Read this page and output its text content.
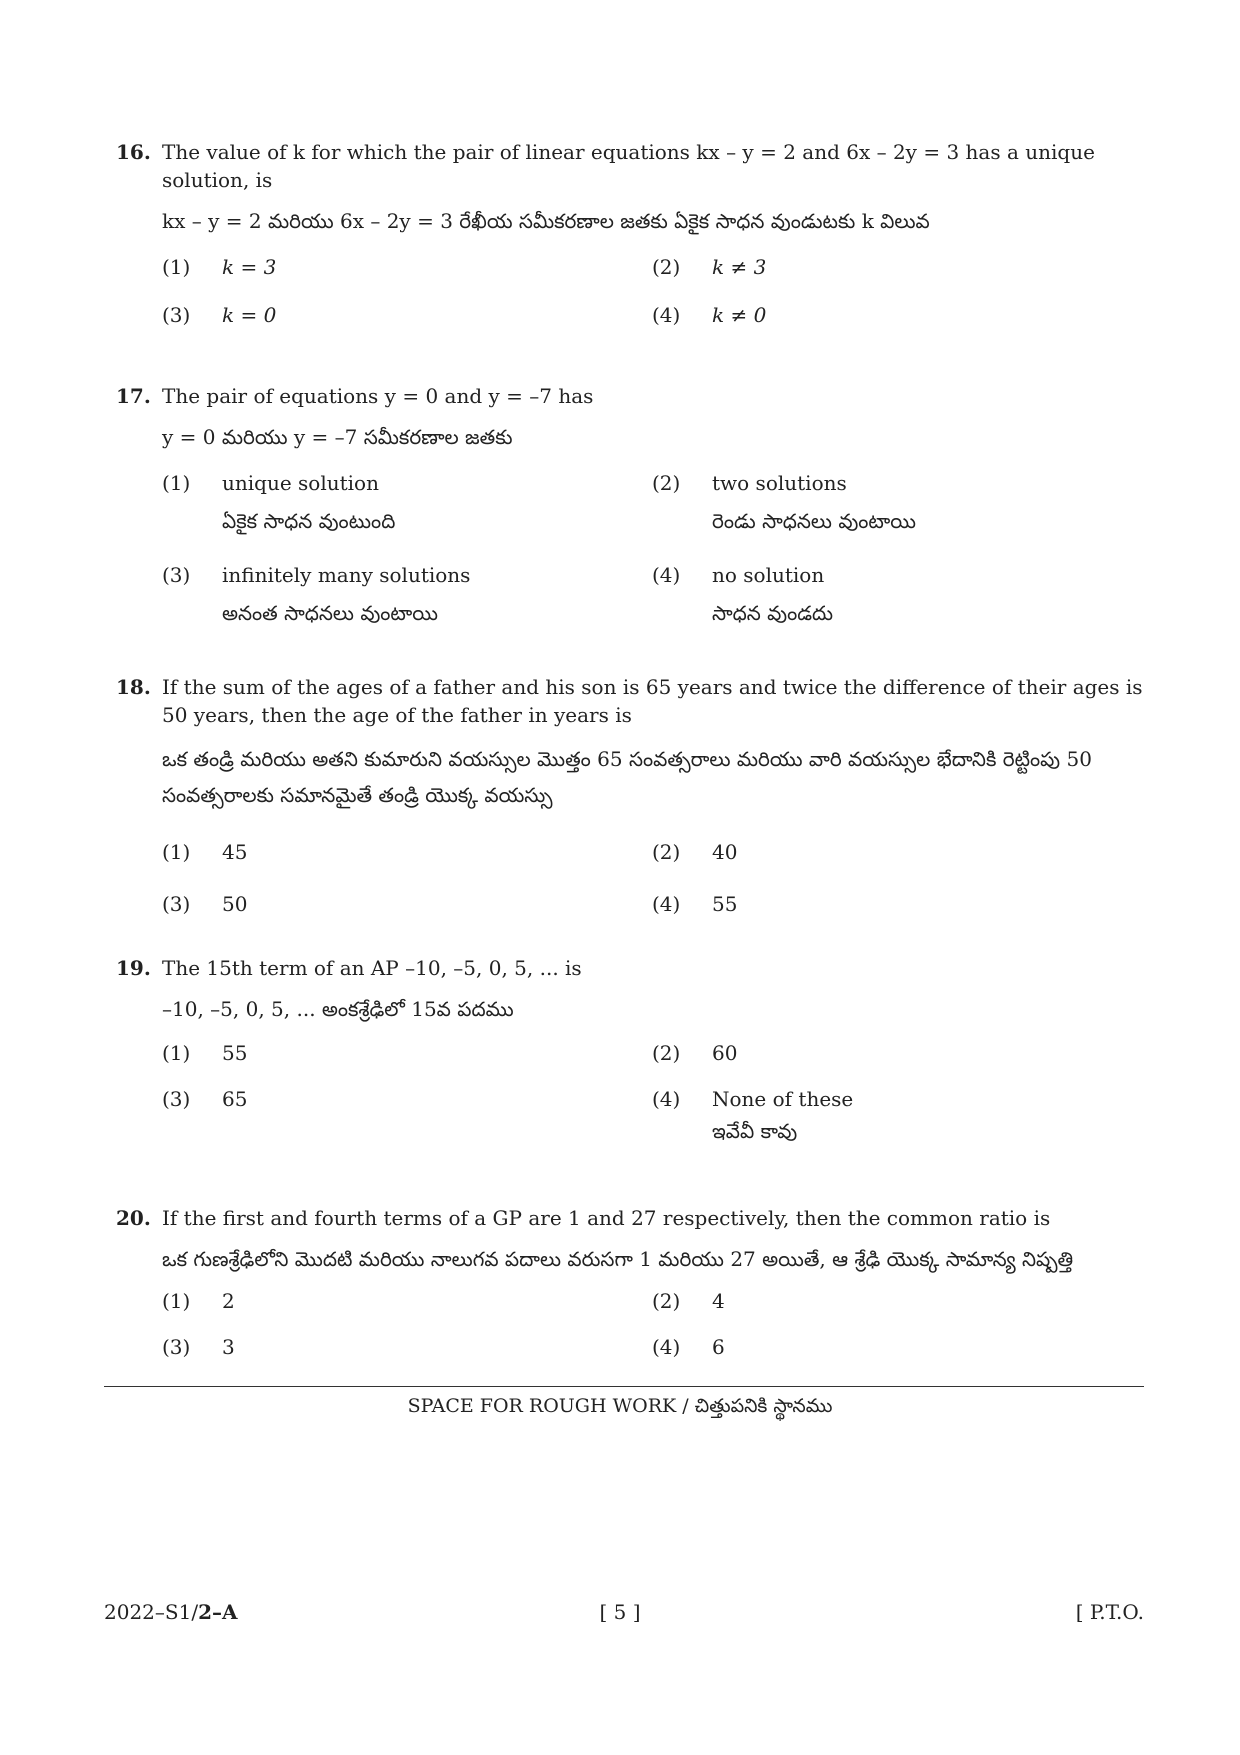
16. The value of k for which the pair of linear equations kx – y = 2 and 6x – 2y = 3 has a unique solution, is
kx – y = 2 మరియు 6x – 2y = 3 రేఖీయ సమీకరణాల జతకు ఏకైక సాధన వుండుటకు k విలువ
(1) k = 3	(2) k ≠ 3
(3) k = 0	(4) k ≠ 0
17. The pair of equations y = 0 and y = –7 has
y = 0 మరియు y = –7 సమీకరణాల జతకు
(1) unique solution
ఏకైక సాధన వుంటుంది
(2) two solutions
రెండు సాధనలు వుంటాయి
(3) infinitely many solutions
అనంత సాధనలు వుంటాయి
(4) no solution
సాధన వుండదు
18. If the sum of the ages of a father and his son is 65 years and twice the difference of their ages is 50 years, then the age of the father in years is
ఒక తండ్రి మరియు అతని కుమారుని వయస్సుల మొత్తం 65 సంవత్సరాలు మరియు వారి వయస్సుల భేదానికి రెట్టింపు 50 సంవత్సరాలకు సమానమైతే తండ్రి యొక్క వయస్సు
(1) 45	(2) 40
(3) 50	(4) 55
19. The 15th term of an AP –10, –5, 0, 5, ... is
–10, –5, 0, 5, ... అంకశ్రేఢిలో 15వ పదము
(1) 55	(2) 60
(3) 65	(4) None of these
ఇవేవీ కావు
20. If the first and fourth terms of a GP are 1 and 27 respectively, then the common ratio is
ఒక గుణశ్రేఢిలోని మొదటి మరియు నాలుగవ పదాలు వరుసగా 1 మరియు 27 అయితే, ఆ శ్రేఢి యొక్క సామాన్య నిష్పత్తి
(1) 2	(2) 4
(3) 3	(4) 6
SPACE FOR ROUGH WORK / చిత్తుపనికి స్థానము
2022–S1/2–A	[ 5 ]	[ P.T.O.
